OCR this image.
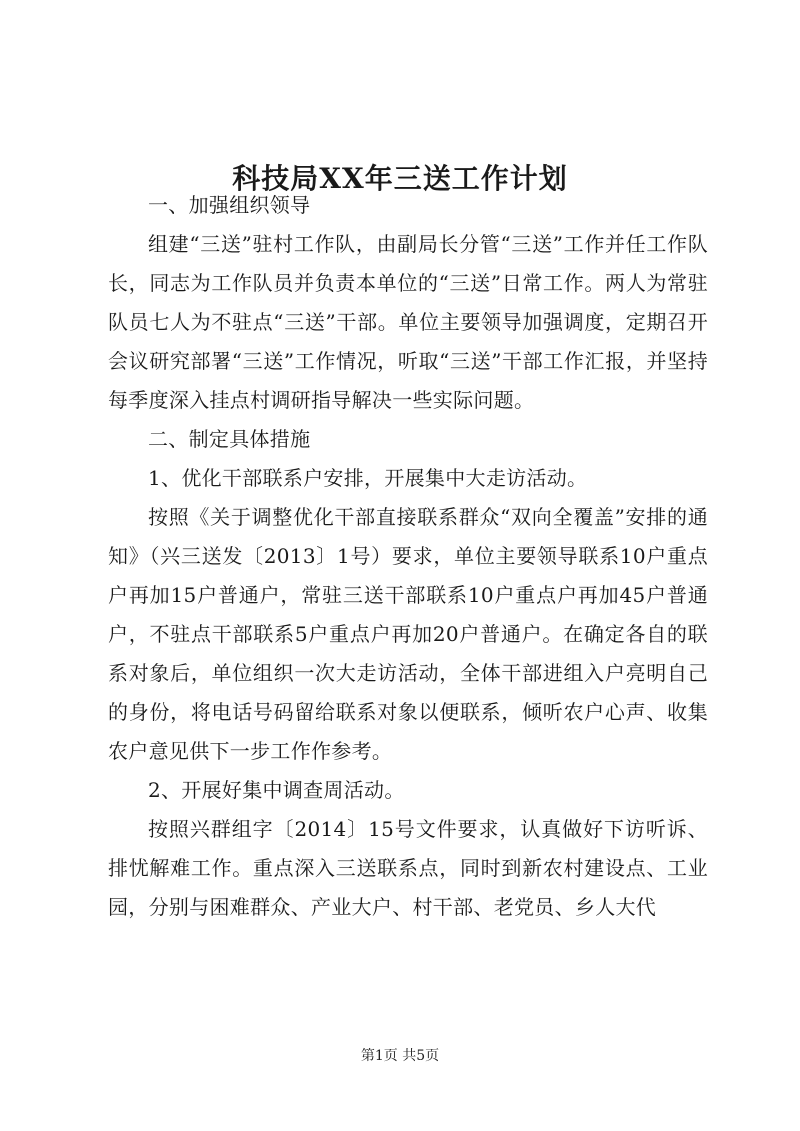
科技局XX年三送工作计划

一、加强组织领导

组建“三送”驻村工作队，由副局长分管“三送”工作并任工作队长，同志为工作队员并负责本单位的“三送”日常工作。两人为常驻队员七人为不驻点“三送”干部。单位主要领导加强调度，定期召开会议研究部署“三送”工作情况，听取“三送”干部工作汇报，并坚持每季度深入挂点村调研指导解决一些实际问题。

二、制定具体措施

1、优化干部联系户安排，开展集中大走访活动。

按照《关于调整优化干部直接联系群众“双向全覆盖”安排的通知》（兴三送发〔2013〕1号）要求，单位主要领导联系10户重点户再加15户普通户，常驻三送干部联系10户重点户再加45户普通户，不驻点干部联系5户重点户再加20户普通户。在确定各自的联系对象后，单位组织一次大走访活动，全体干部进组入户亮明自己的身份，将电话号码留给联系对象以便联系，倾听农户心声、收集农户意见供下一步工作作参考。

2、开展好集中调查周活动。

按照兴群组字〔2014〕15号文件要求，认真做好下访听诉、排忧解难工作。重点深入三送联系点，同时到新农村建设点、工业园，分别与困难群众、产业大户、村干部、老党员、乡人大代

第1页 共5页
